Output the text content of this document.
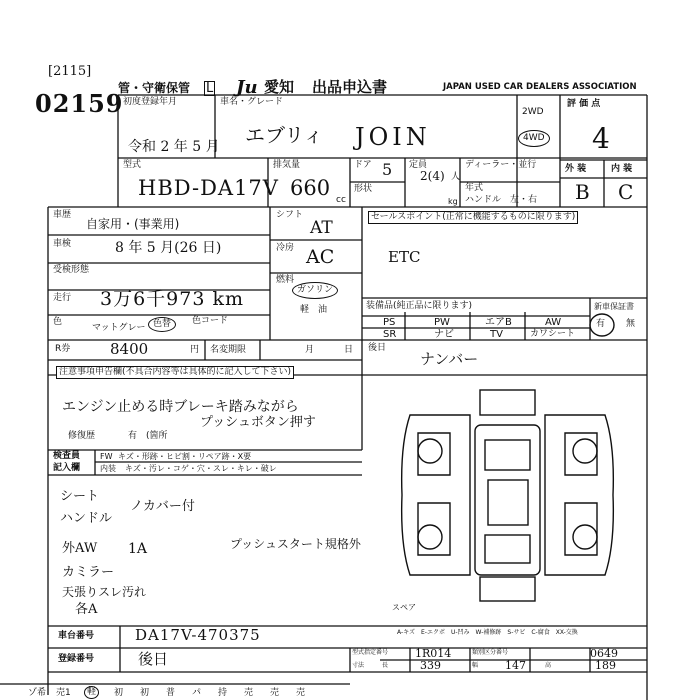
[2115]
02159
管・守衛保管 L Ju 愛知 出品申込書	JAPAN USED CAR DEALERS ASSOCIATION
初度登録年月
令和 2 年 5 月
車名・グレード
エブリィ JOIN
2WD
4WD
評 価 点
4
外 装	内 装
B C
型式
HBD-DA17V
排気量
660 cc
ドア 5
形状
定員
2(4) 人
kg
ディーラー・並行
年式
ハンドル　左・右
車歴
自家用・(事業用)
車検	8 年 5 月(26 日)
受検形態
走行 3万6千973 km
色
マットグレー 色替	色コード
シフト
AT
冷房 AC
燃料
ガソリン
軽　油
セールスポイント(正常に機能するものに限ります)
ETC
装備品(純正品に限ります)
PS	PW	エアB	AW
SR	ナビ	TV	カワシート
新車保証書
有 無
R券	8400	円 名変期限	月	日 後日
ナンバー
注意事項申告欄(不具合内容等は具体的に記入して下さい)
エンジン止める時ブレーキ踏みながら
プッシュボタン押す
修復歴	有　(箇所
検査員
記入欄
FW キズ・形跡・ヒビ割・リペア跡・X要
内装 キズ・汚レ・コゲ・穴・スレ・キレ・破レ
シート
ハンドル
ノカバー付
外AW 1A	プッシュスタート規格外
カミラー
天張りスレ汚れ
各A	スペア
車台番号	DA17V-470375
登録番号	後日
A-キズ　E-エクボ　U-凹み　W-補修跡　S-サビ　C-腐食　XX-交換
型式指定番号	類別区分番号
1R014	0649
寸法	長	339	幅 147	高	189
ゾ希 売1	軽	初 初 普 パ 持 売 売 売
